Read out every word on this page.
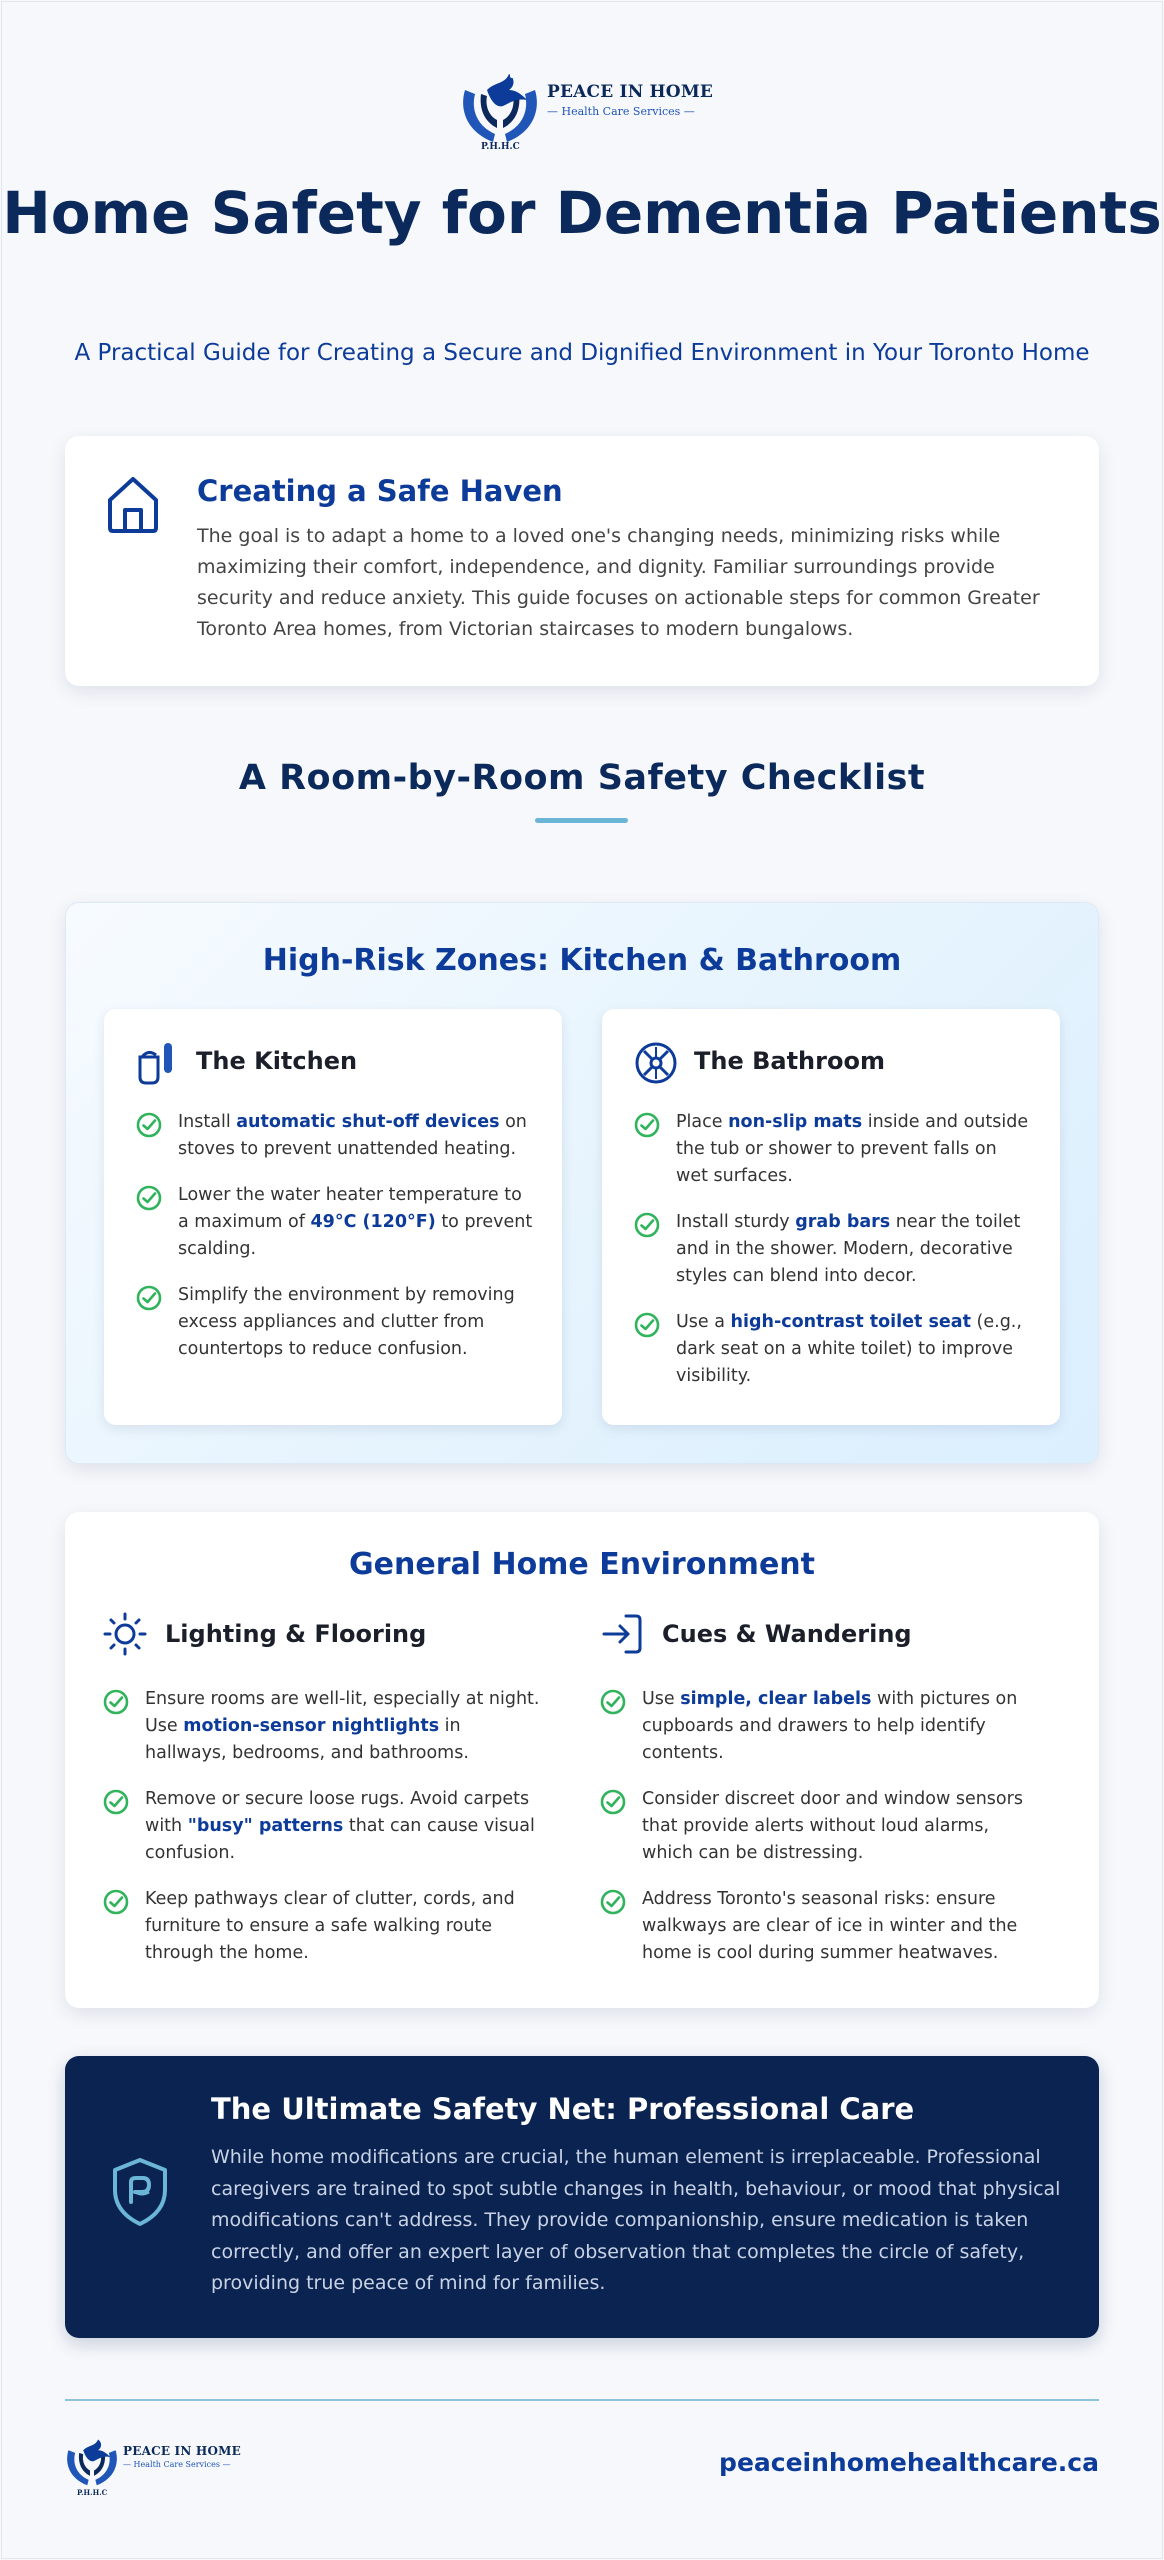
PEACE IN HOME
— Health Care Services —
P.H.H.C
Home Safety for Dementia Patients
A Practical Guide for Creating a Secure and Dignified Environment in Your Toronto Home
Creating a Safe Haven

The goal is to adapt a home to a loved one's changing needs, minimizing risks while maximizing their comfort, independence, and dignity. Familiar surroundings provide security and reduce anxiety. This guide focuses on actionable steps for common Greater Toronto Area homes, from Victorian staircases to modern bungalows.

A Room-by-Room Safety Checklist
High-Risk Zones: Kitchen & Bathroom
The Kitchen
Install automatic shut-off devices on stoves to prevent unattended heating.
Lower the water heater temperature to a maximum of 49°C (120°F) to prevent scalding.
Simplify the environment by removing excess appliances and clutter from countertops to reduce confusion.
The Bathroom
Place non-slip mats inside and outside the tub or shower to prevent falls on wet surfaces.
Install sturdy grab bars near the toilet and in the shower. Modern, decorative styles can blend into decor.
Use a high-contrast toilet seat (e.g., dark seat on a white toilet) to improve visibility.
General Home Environment
Lighting & Flooring
Ensure rooms are well-lit, especially at night. Use motion-sensor nightlights in hallways, bedrooms, and bathrooms.
Remove or secure loose rugs. Avoid carpets with "busy" patterns that can cause visual confusion.
Keep pathways clear of clutter, cords, and furniture to ensure a safe walking route through the home.
Cues & Wandering
Use simple, clear labels with pictures on cupboards and drawers to help identify contents.
Consider discreet door and window sensors that provide alerts without loud alarms, which can be distressing.
Address Toronto's seasonal risks: ensure walkways are clear of ice in winter and the home is cool during summer heatwaves.
The Ultimate Safety Net: Professional Care

While home modifications are crucial, the human element is irreplaceable. Professional caregivers are trained to spot subtle changes in health, behaviour, or mood that physical modifications can't address. They provide companionship, ensure medication is taken correctly, and offer an expert layer of observation that completes the circle of safety, providing true peace of mind for families.

PEACE IN HOME
— Health Care Services —
P.H.H.C
peaceinhomehealthcare.ca
